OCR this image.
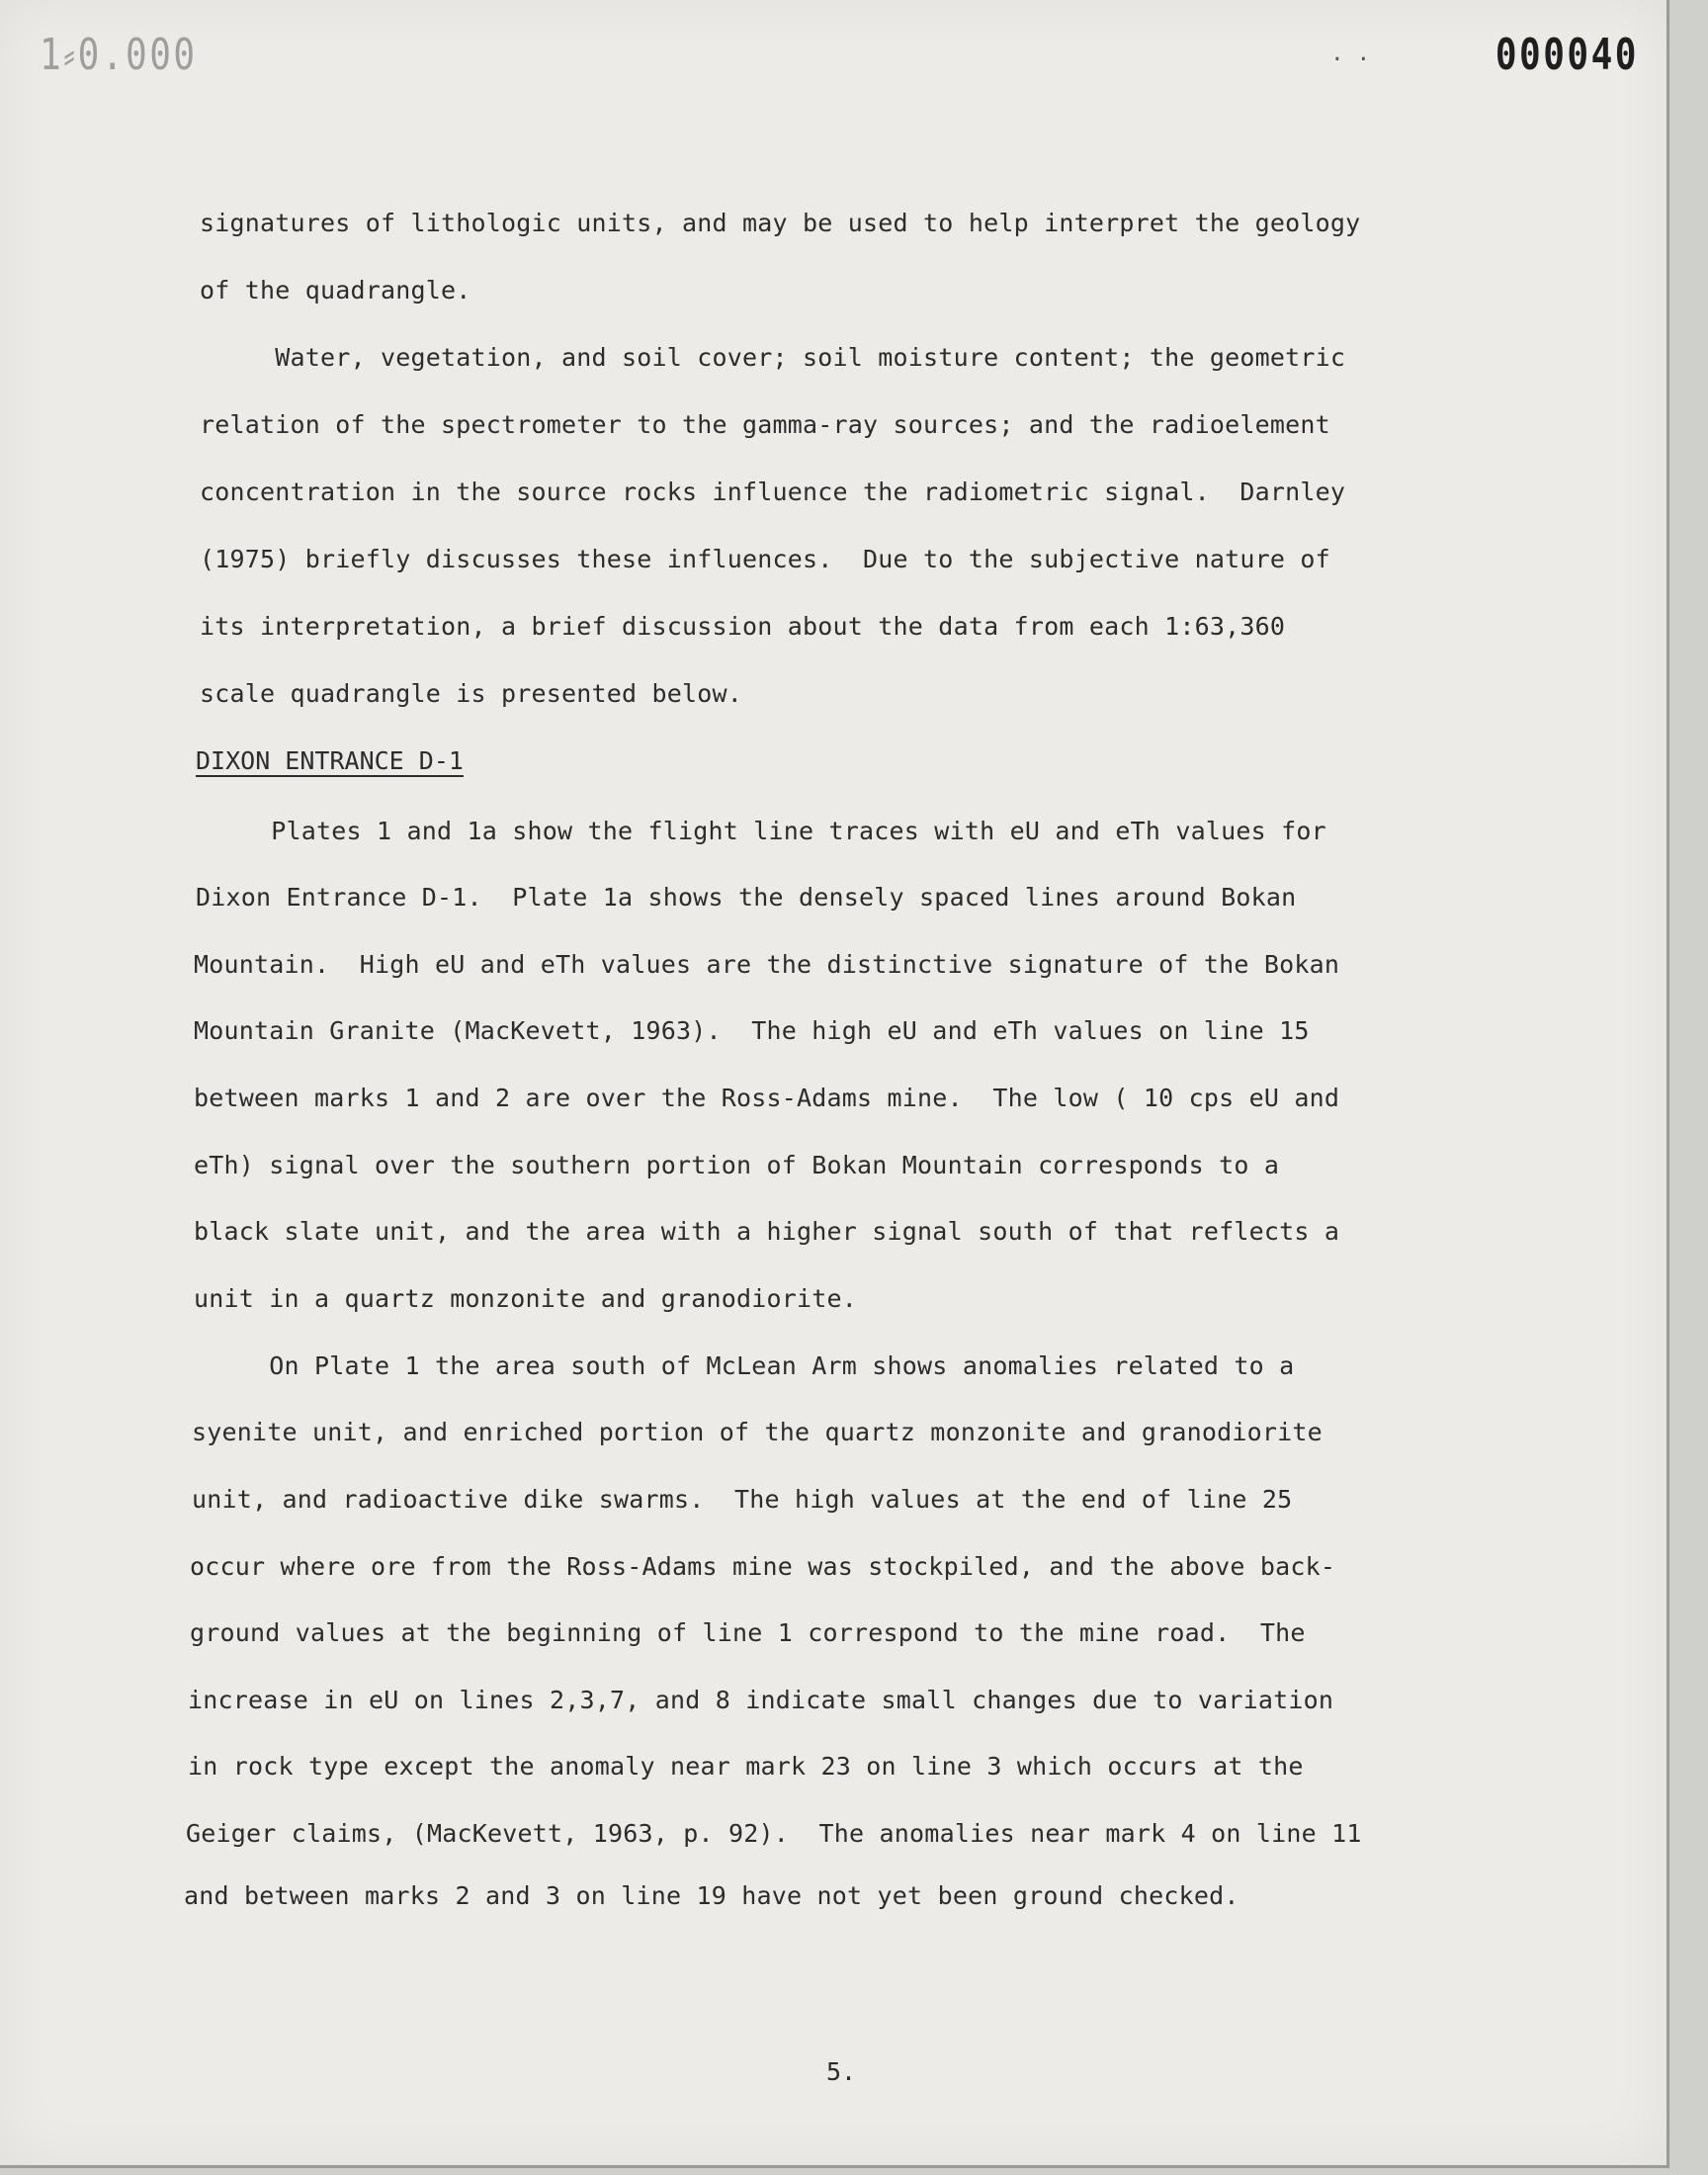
1⸗0.000	· ·	000040
signatures of lithologic units, and may be used to help interpret the geology
of the quadrangle.
Water, vegetation, and soil cover; soil moisture content; the geometric
relation of the spectrometer to the gamma-ray sources; and the radioelement
concentration in the source rocks influence the radiometric signal.  Darnley
(1975) briefly discusses these influences.  Due to the subjective nature of
its interpretation, a brief discussion about the data from each 1:63,360
scale quadrangle is presented below.
DIXON ENTRANCE D-1
Plates 1 and 1a show the flight line traces with eU and eTh values for
Dixon Entrance D-1.  Plate 1a shows the densely spaced lines around Bokan
Mountain.  High eU and eTh values are the distinctive signature of the Bokan
Mountain Granite (MacKevett, 1963).  The high eU and eTh values on line 15
between marks 1 and 2 are over the Ross-Adams mine.  The low ( 10 cps eU and
eTh) signal over the southern portion of Bokan Mountain corresponds to a
black slate unit, and the area with a higher signal south of that reflects a
unit in a quartz monzonite and granodiorite.
On Plate 1 the area south of McLean Arm shows anomalies related to a
syenite unit, and enriched portion of the quartz monzonite and granodiorite
unit, and radioactive dike swarms.  The high values at the end of line 25
occur where ore from the Ross-Adams mine was stockpiled, and the above back-
ground values at the beginning of line 1 correspond to the mine road.  The
increase in eU on lines 2,3,7, and 8 indicate small changes due to variation
in rock type except the anomaly near mark 23 on line 3 which occurs at the
Geiger claims, (MacKevett, 1963, p. 92).  The anomalies near mark 4 on line 11
and between marks 2 and 3 on line 19 have not yet been ground checked.
5.
